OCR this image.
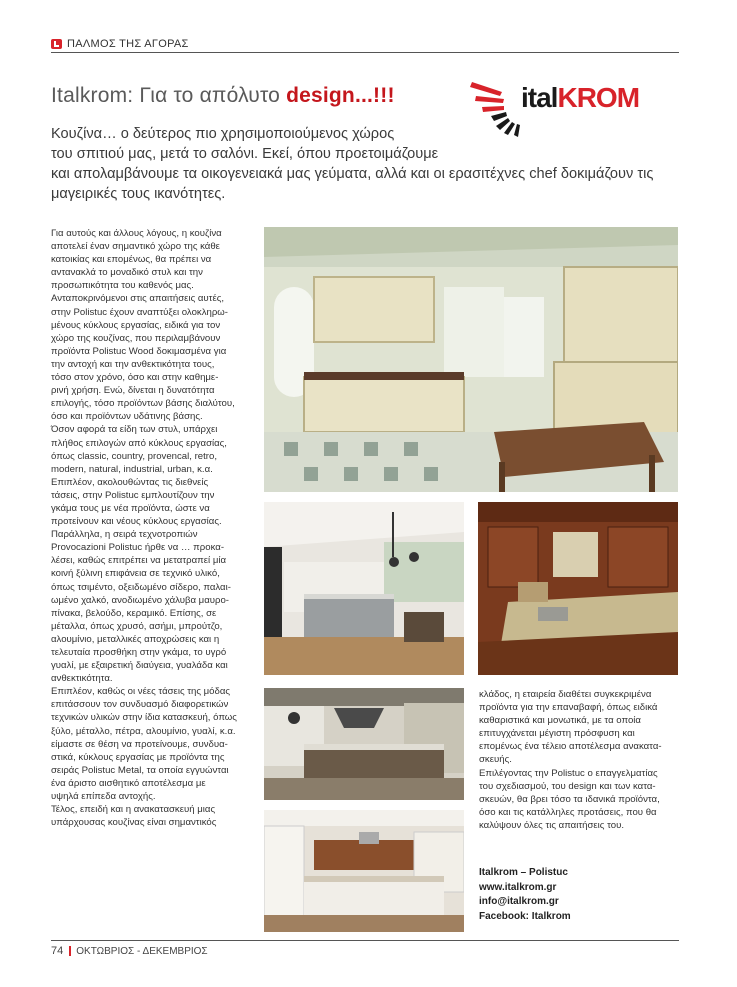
ΠΑΛΜΟΣ ΤΗΣ ΑΓΟΡΑΣ
Italkrom: Για το απόλυτο design...!!!	italKROM
Κουζίνα… ο δεύτερος πιο χρησιμοποιούμενος χώρος
του σπιτιού μας, μετά το σαλόνι. Εκεί, όπου προετοιμάζουμε
και απολαμβάνουμε τα οικογενειακά μας γεύματα, αλλά και οι ερασιτέχνες chef δοκιμάζουν τις
μαγειρικές τους ικανότητες.
Για αυτούς και άλλους λόγους, η κουζίνα
αποτελεί έναν σημαντικό χώρο της κάθε
κατοικίας και επομένως, θα πρέπει να
αντανακλά το μοναδικό στυλ και την
προσωπικότητα του καθενός μας.
Ανταποκρινόμενοι στις απαιτήσεις αυτές,
στην Polistuc έχουν αναπτύξει ολοκληρω-
μένους κύκλους εργασίας, ειδικά για τον
χώρο της κουζίνας, που περιλαμβάνουν
προϊόντα Polistuc Wood δοκιμασμένα για
την αντοχή και την ανθεκτικότητα τους,
τόσο στον χρόνο, όσο και στην καθημε-
ρινή χρήση. Ενώ, δίνεται η δυνατότητα
επιλογής, τόσο προϊόντων βάσης διαλύτου,
όσο και προϊόντων υδάτινης βάσης.
Όσον αφορά τα είδη των στυλ, υπάρχει
πλήθος επιλογών από κύκλους εργασίας,
όπως classic, country, provencal, retro,
modern, natural, industrial, urban, κ.α.
Επιπλέον, ακολουθώντας τις διεθνείς
τάσεις, στην Polistuc εμπλουτίζουν την
γκάμα τους με νέα προϊόντα, ώστε να
προτείνουν και νέους κύκλους εργασίας.
Παράλληλα, η σειρά τεχνοτροπιών
Provocazioni Polistuc ήρθε να … προκα-
λέσει, καθώς επιτρέπει να μετατραπεί μία
κοινή ξύλινη επιφάνεια σε τεχνικό υλικό,
όπως τσιμέντο, οξειδωμένο σίδερο, παλαι-
ωμένο χαλκό, ανοδιωμένο χάλυβα μαυρο-
πίνακα, βελούδο, κεραμικό. Επίσης, σε
μέταλλα, όπως χρυσό, ασήμι, μπρούτζο,
αλουμίνιο, μεταλλικές αποχρώσεις και η
τελευταία προσθήκη στην γκάμα, το υγρό
γυαλί, με εξαιρετική διαύγεια, γυαλάδα και
ανθεκτικότητα.
Επιπλέον, καθώς οι νέες τάσεις της μόδας
επιτάσσουν τον συνδυασμό διαφορετικών
τεχνικών υλικών στην ίδια κατασκευή, όπως
ξύλο, μέταλλο, πέτρα, αλουμίνιο, γυαλί, κ.α.
είμαστε σε θέση να προτείνουμε, συνδυα-
στικά, κύκλους εργασίας με προϊόντα της
σειράς Polistuc Metal, τα οποία εγγυώνται
ένα άριστο αισθητικό αποτέλεσμα με
υψηλά επίπεδα αντοχής.
Τέλος, επειδή και η ανακατασκευή μιας
υπάρχουσας κουζίνας είναι σημαντικός
κλάδος, η εταιρεία διαθέτει συγκεκριμένα
προϊόντα για την επαναβαφή, όπως ειδικά
καθαριστικά και μονωτικά, με τα οποία
επιτυγχάνεται μέγιστη πρόσφυση και
επομένως ένα τέλειο αποτέλεσμα ανακατα-
σκευής.
Επιλέγοντας την Polistuc ο επαγγελματίας
του σχεδιασμού, του design και των κατα-
σκευών, θα βρει τόσο τα ιδανικά προϊόντα,
όσο και τις κατάλληλες προτάσεις, που θα
καλύψουν όλες τις απαιτήσεις του.
Italkrom – Polistuc
www.italkrom.gr
info@italkrom.gr
Facebook: Italkrom
74 ΟΚΤΩΒΡΙΟΣ - ΔΕΚΕΜΒΡΙΟΣ
